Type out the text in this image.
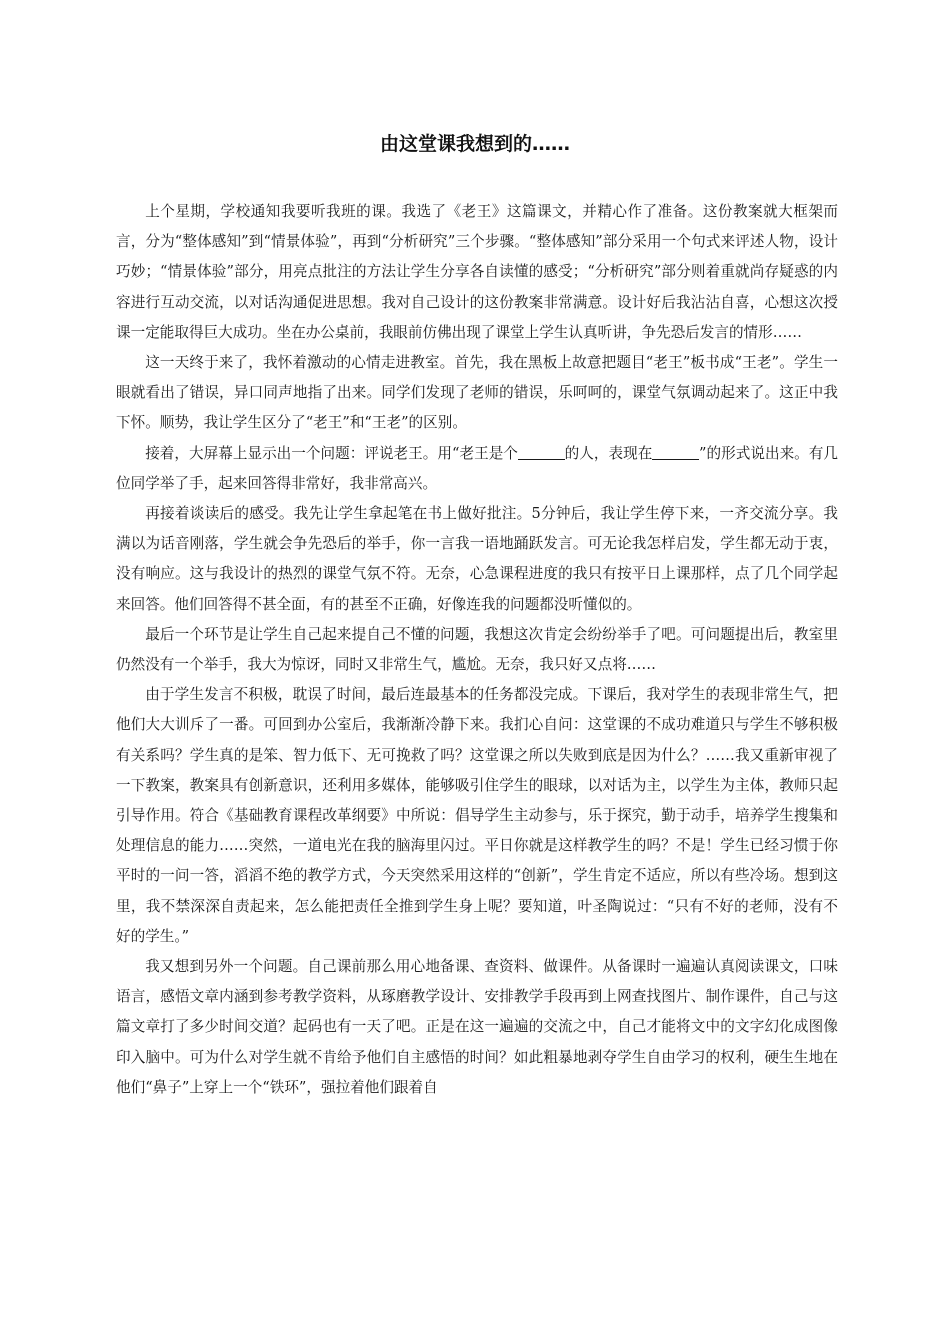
由这堂课我想到的……

上个星期，学校通知我要听我班的课。我选了《老王》这篇课文，并精心作了准备。这份教案就大框架而言，分为“整体感知”到“情景体验”，再到“分析研究”三个步骤。“整体感知”部分采用一个句式来评述人物，设计巧妙；“情景体验”部分，用亮点批注的方法让学生分享各自读懂的感受；“分析研究”部分则着重就尚存疑惑的内容进行互动交流，以对话沟通促进思想。我对自己设计的这份教案非常满意。设计好后我沾沾自喜，心想这次授课一定能取得巨大成功。坐在办公桌前，我眼前仿佛出现了课堂上学生认真听讲，争先恐后发言的情形……

这一天终于来了，我怀着激动的心情走进教室。首先，我在黑板上故意把题目“老王”板书成“王老”。学生一眼就看出了错误，异口同声地指了出来。同学们发现了老师的错误，乐呵呵的，课堂气氛调动起来了。这正中我下怀。顺势，我让学生区分了“老王”和“王老”的区别。

接着，大屏幕上显示出一个问题：评说老王。用“老王是个	的人，表现在	”的形式说出来。有几位同学举了手，起来回答得非常好，我非常高兴。

再接着谈读后的感受。我先让学生拿起笔在书上做好批注。5分钟后，我让学生停下来，一齐交流分享。我满以为话音刚落，学生就会争先恐后的举手，你一言我一语地踊跃发言。可无论我怎样启发，学生都无动于衷，没有响应。这与我设计的热烈的课堂气氛不符。无奈，心急课程进度的我只有按平日上课那样，点了几个同学起来回答。他们回答得不甚全面，有的甚至不正确，好像连我的问题都没听懂似的。

最后一个环节是让学生自己起来提自己不懂的问题，我想这次肯定会纷纷举手了吧。可问题提出后，教室里仍然没有一个举手，我大为惊讶，同时又非常生气，尴尬。无奈，我只好又点将……

由于学生发言不积极，耽误了时间，最后连最基本的任务都没完成。下课后，我对学生的表现非常生气，把他们大大训斥了一番。可回到办公室后，我渐渐冷静下来。我扪心自问：这堂课的不成功难道只与学生不够积极有关系吗？学生真的是笨、智力低下、无可挽救了吗？这堂课之所以失败到底是因为什么？……我又重新审视了一下教案，教案具有创新意识，还利用多媒体，能够吸引住学生的眼球，以对话为主，以学生为主体，教师只起引导作用。符合《基础教育课程改革纲要》中所说：倡导学生主动参与，乐于探究，勤于动手，培养学生搜集和处理信息的能力……突然，一道电光在我的脑海里闪过。平日你就是这样教学生的吗？不是！学生已经习惯于你平时的一问一答，滔滔不绝的教学方式，今天突然采用这样的“创新”，学生肯定不适应，所以有些冷场。想到这里，我不禁深深自责起来，怎么能把责任全推到学生身上呢？要知道，叶圣陶说过：“只有不好的老师，没有不好的学生。”

我又想到另外一个问题。自己课前那么用心地备课、查资料、做课件。从备课时一遍遍认真阅读课文，口味语言，感悟文章内涵到参考教学资料，从琢磨教学设计、安排教学手段再到上网查找图片、制作课件，自己与这篇文章打了多少时间交道？起码也有一天了吧。正是在这一遍遍的交流之中，自己才能将文中的文字幻化成图像印入脑中。可为什么对学生就不肯给予他们自主感悟的时间？如此粗暴地剥夺学生自由学习的权利，硬生生地在他们“鼻子”上穿上一个“铁环”，强拉着他们跟着自
